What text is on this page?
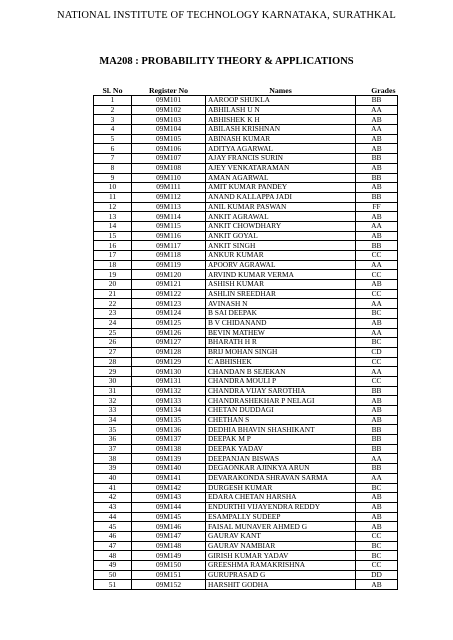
NATIONAL INSTITUTE OF TECHNOLOGY KARNATAKA, SURATHKAL
MA208 : PROBABILITY THEORY & APPLICATIONS
Sl. No	Register No	Names	Grades
1	09M101	AAROOP SHUKLA	BB
2	09M102	ABHILASH U N	AA
3	09M103	ABHISHEK K H	AB
4	09M104	ABILASH KRISHNAN	AA
5	09M105	ABINASH KUMAR	AB
6	09M106	ADITYA AGARWAL	AB
7	09M107	AJAY FRANCIS SURIN	BB
8	09M108	AJEY VENKATARAMAN	AB
9	09M110	AMAN AGARWAL	BB
10	09M111	AMIT KUMAR PANDEY	AB
11	09M112	ANAND KALLAPPA JADI	BB
12	09M113	ANIL KUMAR PASWAN	FF
13	09M114	ANKIT AGRAWAL	AB
14	09M115	ANKIT CHOWDHARY	AA
15	09M116	ANKIT GOYAL	AB
16	09M117	ANKIT SINGH	BB
17	09M118	ANKUR KUMAR	CC
18	09M119	APOORV AGRAWAL	AA
19	09M120	ARVIND KUMAR VERMA	CC
20	09M121	ASHISH KUMAR	AB
21	09M122	ASHLIN SREEDHAR	CC
22	09M123	AVINASH N	AA
23	09M124	B SAI DEEPAK	BC
24	09M125	B V CHIDANAND	AB
25	09M126	BEVIN MATHEW	AA
26	09M127	BHARATH H R	BC
27	09M128	BRIJ MOHAN SINGH	CD
28	09M129	C ABHISHEK	CC
29	09M130	CHANDAN B SEJEKAN	AA
30	09M131	CHANDRA MOULI P	CC
31	09M132	CHANDRA VIJAY SAROTHIA	BB
32	09M133	CHANDRASHEKHAR P NELAGI	AB
33	09M134	CHETAN DUDDAGI	AB
34	09M135	CHETHAN S	AB
35	09M136	DEDHIA BHAVIN SHASHIKANT	BB
36	09M137	DEEPAK M P	BB
37	09M138	DEEPAK YADAV	BB
38	09M139	DEEPANJAN BISWAS	AA
39	09M140	DEGAONKAR AJINKYA ARUN	BB
40	09M141	DEVARAKONDA SHRAVAN SARMA	AA
41	09M142	DURGESH KUMAR	BC
42	09M143	EDARA CHETAN HARSHA	AB
43	09M144	ENDURTHI VIJAYENDRA REDDY	AB
44	09M145	ESAMPALLY SUDEEP	AB
45	09M146	FAISAL MUNAVER AHMED G	AB
46	09M147	GAURAV KANT	CC
47	09M148	GAURAV NAMBIAR	BC
48	09M149	GIRISH KUMAR YADAV	BC
49	09M150	GREESHMA RAMAKRISHNA	CC
50	09M151	GURUPRASAD G	DD
51	09M152	HARSHIT GODHA	AB
